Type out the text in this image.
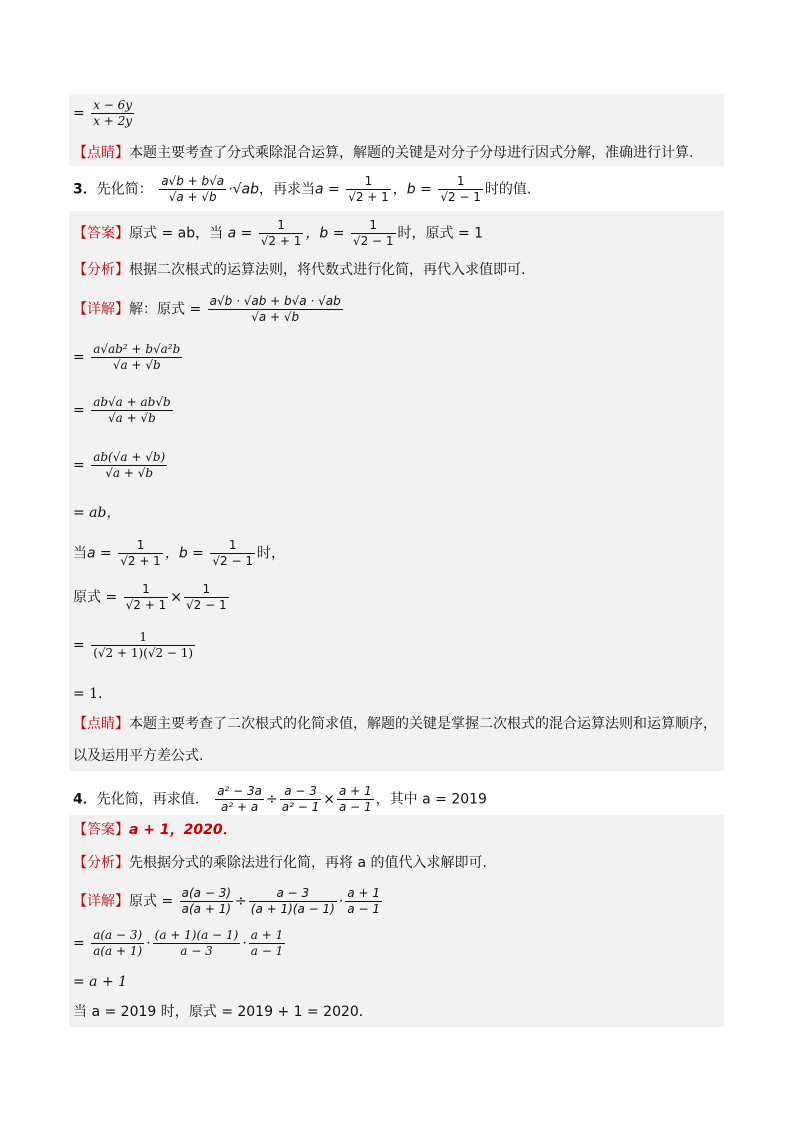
= $\frac{x - 6y}{x + 2y}$
【点睛】本题主要考查了分式乘除混合运算，解题的关键是对分子分母进行因式分解，准确进行计算.
3．先化简： $\frac{a√b + b√a}{√a + √b} \cdot√ab$，再求当$a = \frac{1}{√2 + 1}$ ，$b = \frac{1}{√2 - 1}$ 时的值.
【答案】原式 = ab，当 $a = \frac{1}{√2 + 1}$ ，$b = \frac{1}{√2 - 1}$ 时，原式 = 1
【分析】根据二次根式的运算法则，将代数式进行化简，再代入求值即可.
【详解】解：原式 = $\frac{a√b \cdot √ab + b√a \cdot √ab}{√a + √b}$
= $\frac{\text{a√ab² + b√a²b}}{√a + √b}$
= $\frac{ab√a + ab√b}{√a + √b}$
= $\frac{ab(√a + √b)}{√a + √b}$
= ab，
当$a = \frac{1}{√2 + 1}$ ，$b = \frac{1}{√2 - 1}$ 时，
原式 = $\frac{1}{√2 + 1} \times \frac{1}{√2 - 1}$
= $\frac{1}{(√2 + 1)(√2 - 1)}$
= 1．
【点睛】本题主要考查了二次根式的化简求值，解题的关键是掌握二次根式的混合运算法则和运算顺序，
以及运用平方差公式.
4．先化简，再求值． $\frac{\text{a² − 3a}}{\text{a² + a}} \div \frac{a - 3}{\text{a² − 1}} \times \frac{a + 1}{a - 1}$ ，其中 a = 2019
【答案】a + 1，2020．
【分析】先根据分式的乘除法进行化简，再将 a 的值代入求解即可．
【详解】原式 = $\frac{a(a - 3)}{a(a + 1)} \div \frac{a - 3}{(a + 1)(a - 1)} \cdot \frac{a + 1}{a - 1}$
= $\frac{a(a - 3)}{a(a + 1)} \cdot \frac{(a + 1)(a - 1)}{a - 3} \cdot \frac{a + 1}{a - 1}$
= a + 1
当 a = 2019 时，原式 = 2019 + 1 = 2020．
